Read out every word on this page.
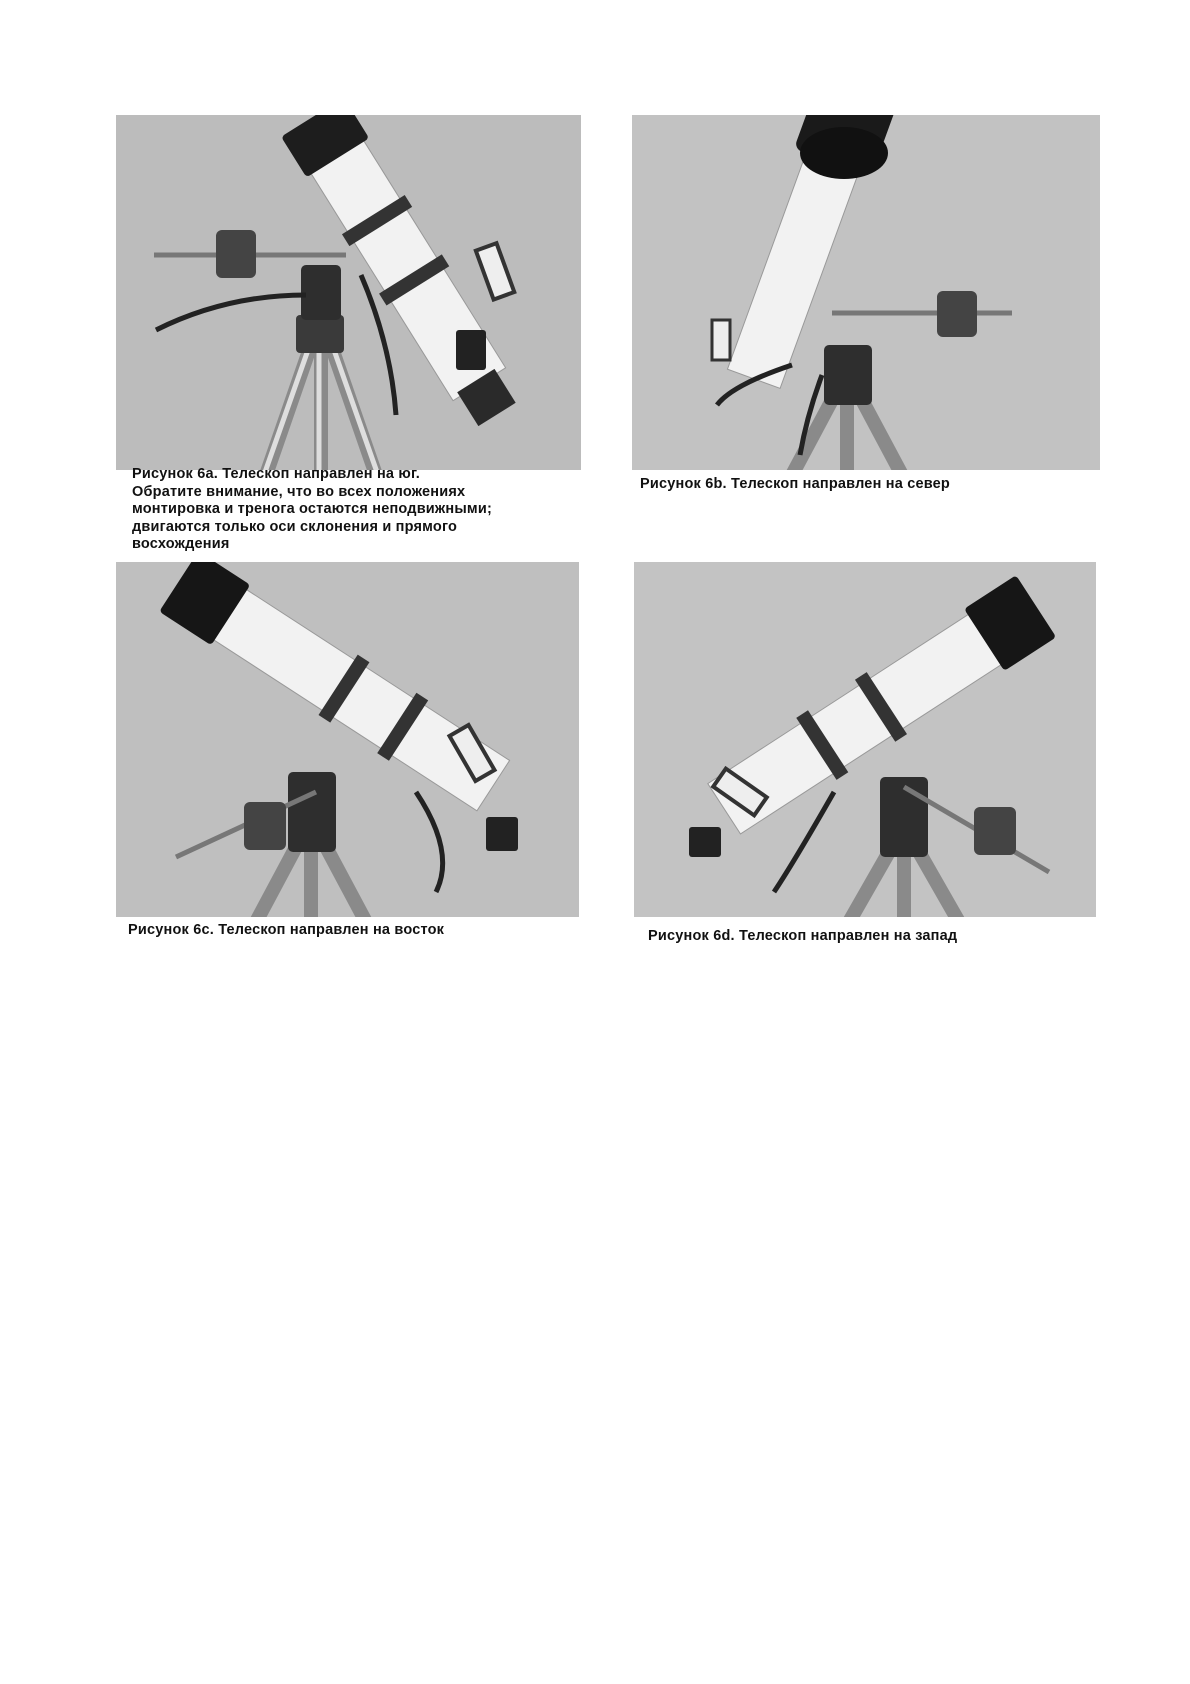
Рисунок 6a. Телескоп направлен на юг.
Обратите внимание, что во всех положениях
монтировка и тренога остаются неподвижными;
двигаются только оси склонения и прямого
восхождения
Рисунок 6b. Телескоп направлен на север
Рисунок 6c. Телескоп направлен на восток	Рисунок 6d. Телескоп направлен на запад
